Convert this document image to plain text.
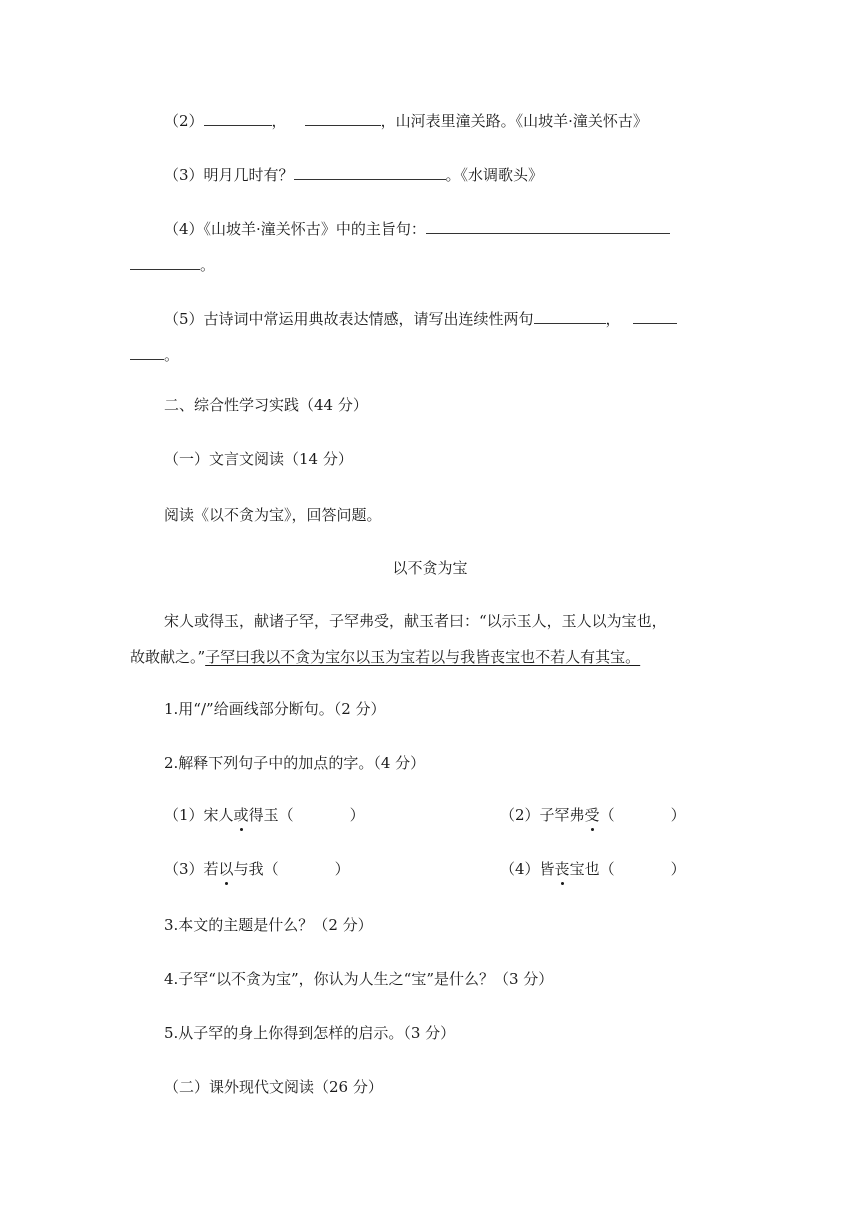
（2）	，	，山河表里潼关路。《山坡羊·潼关怀古》
（3）明月几时有？	。《水调歌头》
（4）《山坡羊·潼关怀古》中的主旨句：
。
（5）古诗词中常运用典故表达情感，请写出连续性两句	，
。
二、综合性学习实践（44 分）
（一）文言文阅读（14 分）
阅读《以不贪为宝》，回答问题。
以不贪为宝
宋人或得玉，献诸子罕，子罕弗受，献玉者曰：“以示玉人，玉人以为宝也，
故敢献之。”子罕曰我以不贪为宝尔以玉为宝若以与我皆丧宝也不若人有其宝。
1.用“/”给画线部分断句。（2 分）
2.解释下列句子中的加点的字。（4 分）
（1）宋人或得玉（	）	（2）子罕弗受（	）
（3）若以与我（	）	（4）皆丧宝也（	）
3.本文的主题是什么？（2 分）
4.子罕“以不贪为宝”，你认为人生之“宝”是什么？（3 分）
5.从子罕的身上你得到怎样的启示。（3 分）
（二）课外现代文阅读（26 分）
